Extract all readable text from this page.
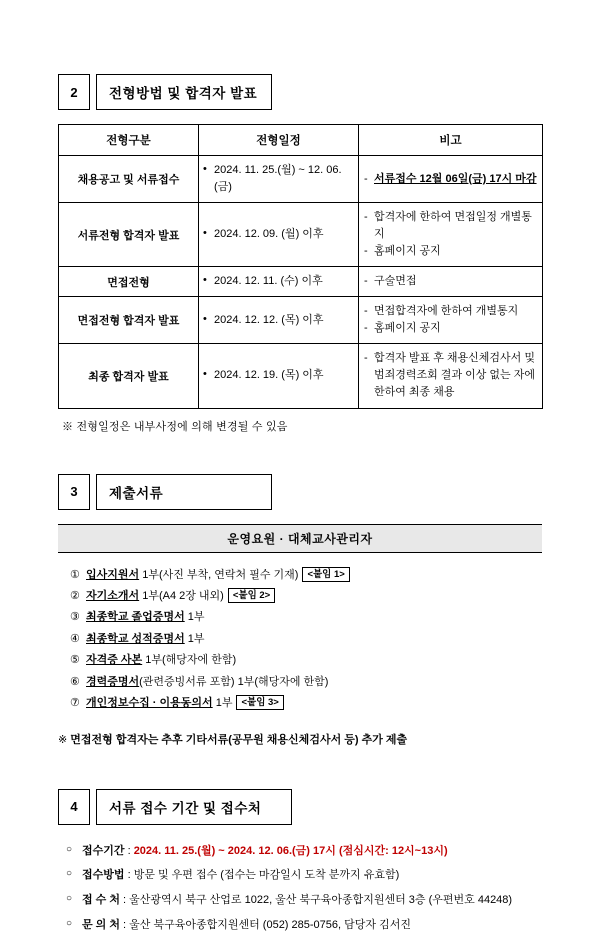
2	전형방법 및 합격자 발표
전형구분	전형일정	비고
채용공고 및 서류접수	• 2024. 11. 25.(월) ~ 12. 06.(금)	- 서류접수 12월 06일(금) 17시 마감

서류전형 합격자 발표	• 2024. 12. 09. (월) 이후	- 합격자에 한하여 면접일정 개별통지
- 홈페이지 공지

면접전형	• 2024. 12. 11. (수) 이후	- 구술면접

면접전형 합격자 발표	• 2024. 12. 12. (목) 이후	- 면접합격자에 한하여 개별통지
- 홈페이지 공지

최종 합격자 발표	• 2024. 12. 19. (목) 이후	- 합격자 발표 후 채용신체검사서 및
범죄경력조회 결과 이상 없는 자에
한하여 최종 채용
※ 전형일정은 내부사정에 의해 변경될 수 있음
3	제출서류
운영요원 · 대체교사관리자
① 입사지원서 1부(사진 부착, 연락처 필수 기재) <붙임 1>
② 자기소개서 1부(A4 2장 내외) <붙임 2>
③ 최종학교 졸업증명서 1부
④ 최종학교 성적증명서 1부
⑤ 자격증 사본 1부(해당자에 한함)
⑥ 경력증명서(관련증빙서류 포함) 1부(해당자에 한함)
⑦ 개인정보수집 · 이용동의서 1부 <붙임 3>
※ 면접전형 합격자는 추후 기타서류(공무원 채용신체검사서 등) 추가 제출
4	서류 접수 기간 및 접수처
○ 접수기간 : 2024. 11. 25.(월) ~ 2024. 12. 06.(금) 17시 (점심시간: 12시~13시)
○ 접수방법 : 방문 및 우편 접수 (접수는 마감일시 도착 분까지 유효함)
○ 접 수 처 : 울산광역시 북구 산업로 1022, 울산 북구육아종합지원센터 3층 (우편번호 44248)
○ 문 의 처 : 울산 북구육아종합지원센터 (052) 285-0756, 담당자 김서진
